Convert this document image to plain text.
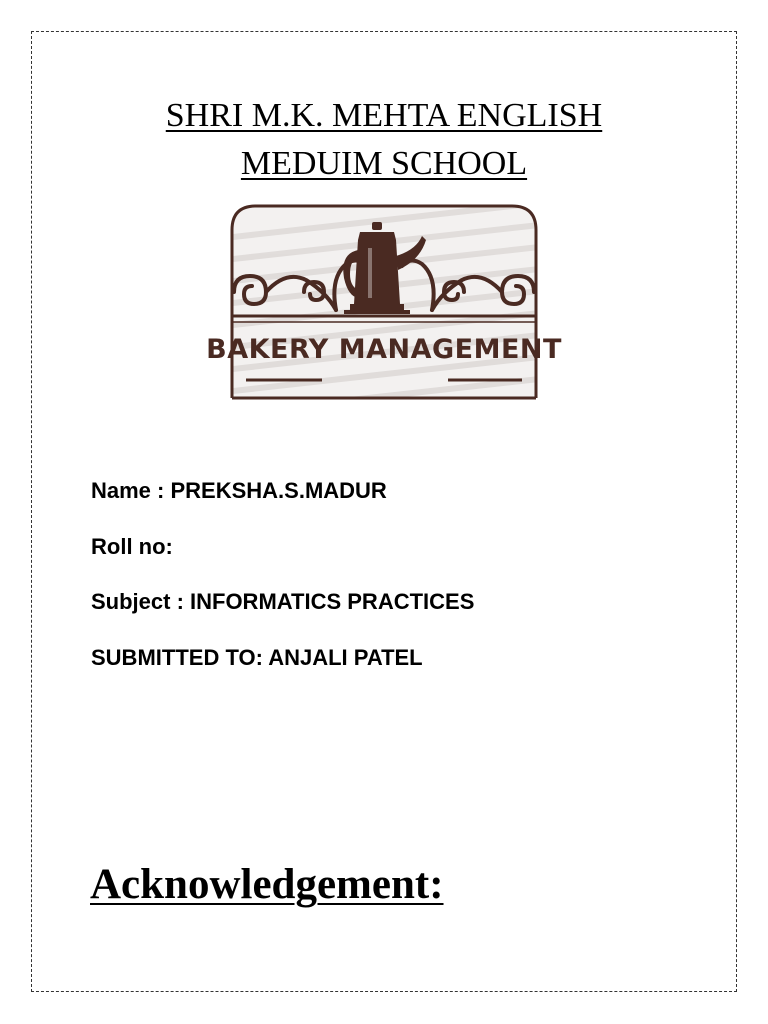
SHRI M.K. MEHTA ENGLISH
MEDUIM SCHOOL
BAKERY MANAGEMENT
Name : PREKSHA.S.MADUR
Roll no:
Subject : INFORMATICS PRACTICES
SUBMITTED TO: ANJALI PATEL
Acknowledgement:
